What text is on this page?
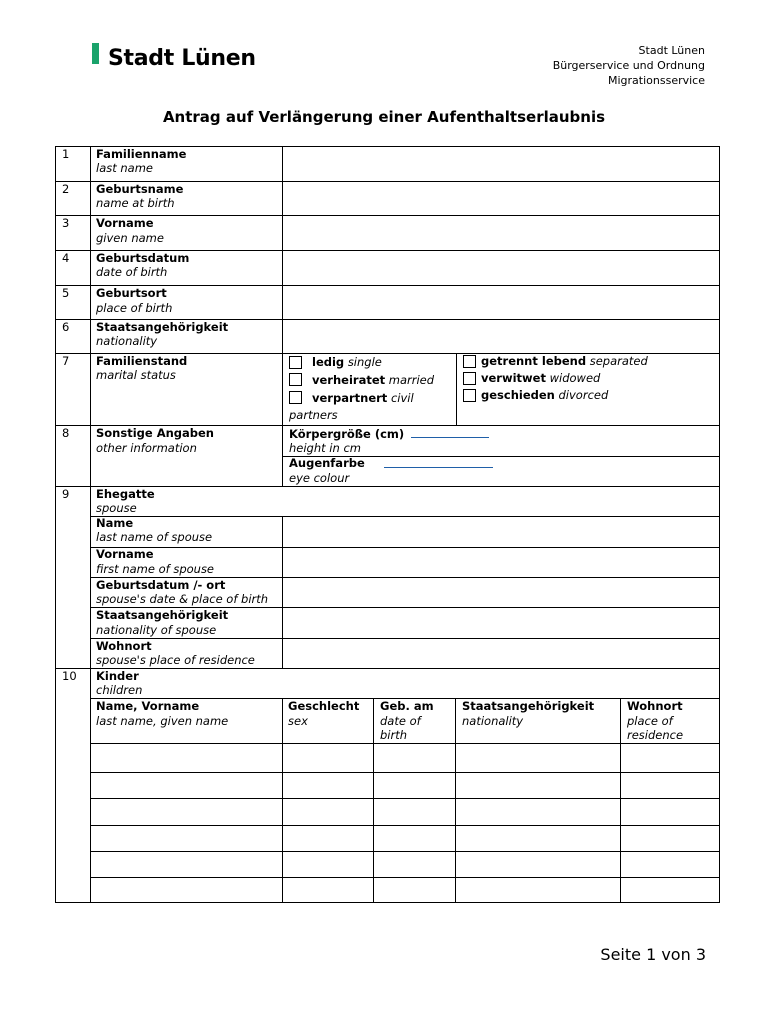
Stadt Lünen	Stadt Lünen
Bürgerservice und Ordnung
Migrationsservice
Antrag auf Verlängerung einer Aufenthaltserlaubnis
1 Familienname
last name
2 Geburtsname
name at birth
3 Vorname
given name
4 Geburtsdatum
date of birth
5 Geburtsort
place of birth
6 Staatsangehörigkeit
nationality
7 Familienstand
marital status
ledig single
verheiratet married
verpartnert civil
partners
getrennt lebend separated
verwitwet widowed
geschieden divorced
8 Sonstige Angaben
other information
Körpergröße (cm)
height in cm
Augenfarbe
eye colour
9 Ehegatte
spouse
Name
last name of spouse
Vorname
first name of spouse
Geburtsdatum /- ort
spouse's date & place of birth
Staatsangehörigkeit
nationality of spouse
Wohnort
spouse's place of residence
10 Kinder
children
Name, Vorname
last name, given name
Geschlecht
sex
Geb. am
date of
birth
Staatsangehörigkeit
nationality
Wohnort
place of
residence
Seite 1 von 3
